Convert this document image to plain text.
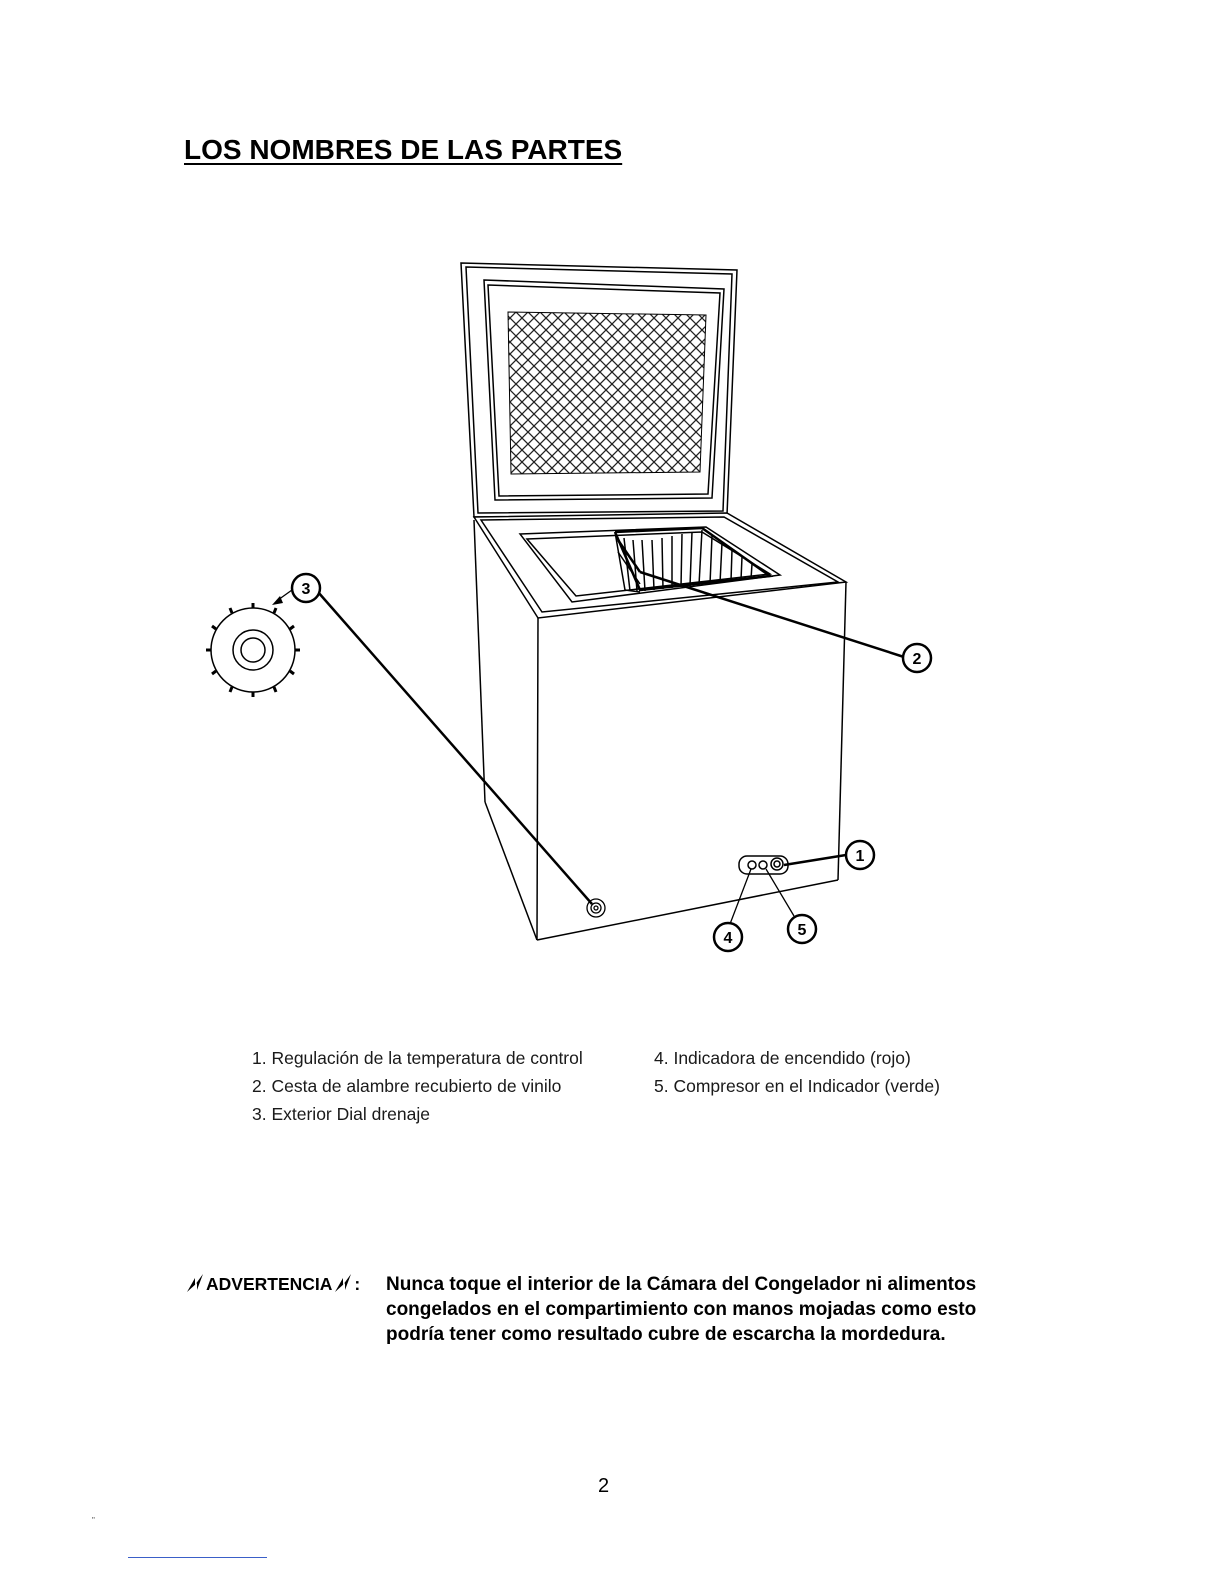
LOS NOMBRES DE LAS PARTES
3
2
1
4	5
1. Regulación de la temperatura de control
2. Cesta de alambre recubierto de vinilo
3. Exterior Dial drenaje
4. Indicadora de encendido (rojo)
5. Compresor en el Indicador (verde)
ADVERTENCIA : Nunca toque el interior de la Cámara del Congelador ni alimentos
congelados en el compartimiento con manos mojadas como esto
podría tener como resultado cubre de escarcha la mordedura.
2
"
